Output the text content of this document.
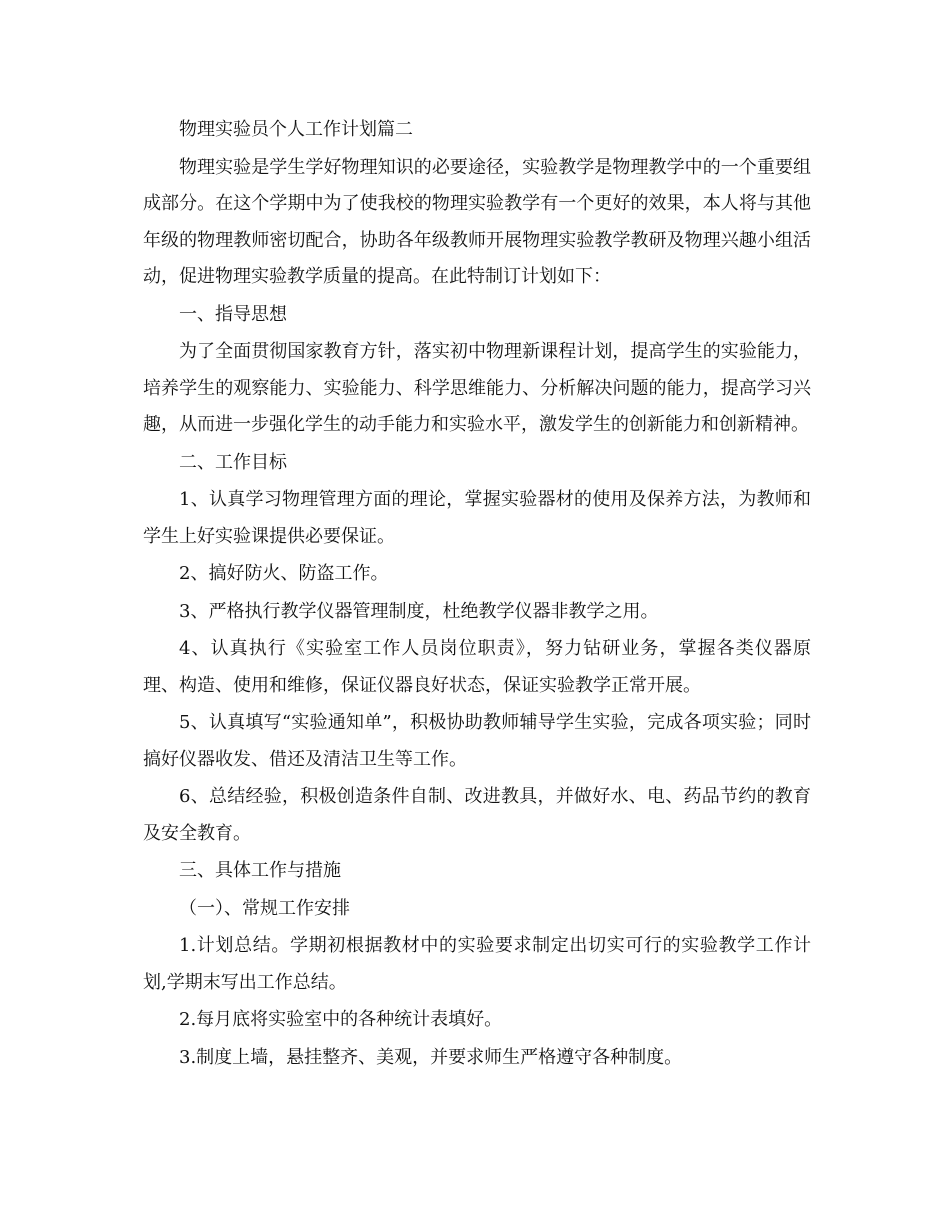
物理实验员个人工作计划篇二

物理实验是学生学好物理知识的必要途径，实验教学是物理教学中的一个重要组成部分。在这个学期中为了使我校的物理实验教学有一个更好的效果，本人将与其他年级的物理教师密切配合，协助各年级教师开展物理实验教学教研及物理兴趣小组活动，促进物理实验教学质量的提高。在此特制订计划如下：

一、指导思想

为了全面贯彻国家教育方针，落实初中物理新课程计划，提高学生的实验能力，培养学生的观察能力、实验能力、科学思维能力、分析解决问题的能力，提高学习兴趣，从而进一步强化学生的动手能力和实验水平，激发学生的创新能力和创新精神。

二、工作目标

1、认真学习物理管理方面的理论，掌握实验器材的使用及保养方法，为教师和学生上好实验课提供必要保证。

2、搞好防火、防盗工作。

3、严格执行教学仪器管理制度，杜绝教学仪器非教学之用。

4、认真执行《实验室工作人员岗位职责》，努力钻研业务，掌握各类仪器原理、构造、使用和维修，保证仪器良好状态，保证实验教学正常开展。

5、认真填写“实验通知单”，积极协助教师辅导学生实验，完成各项实验；同时搞好仪器收发、借还及清洁卫生等工作。

6、总结经验，积极创造条件自制、改进教具，并做好水、电、药品节约的教育及安全教育。

三、具体工作与措施

（一）、常规工作安排

1.计划总结。学期初根据教材中的实验要求制定出切实可行的实验教学工作计划,学期末写出工作总结。

2.每月底将实验室中的各种统计表填好。

3.制度上墙，悬挂整齐、美观，并要求师生严格遵守各种制度。
